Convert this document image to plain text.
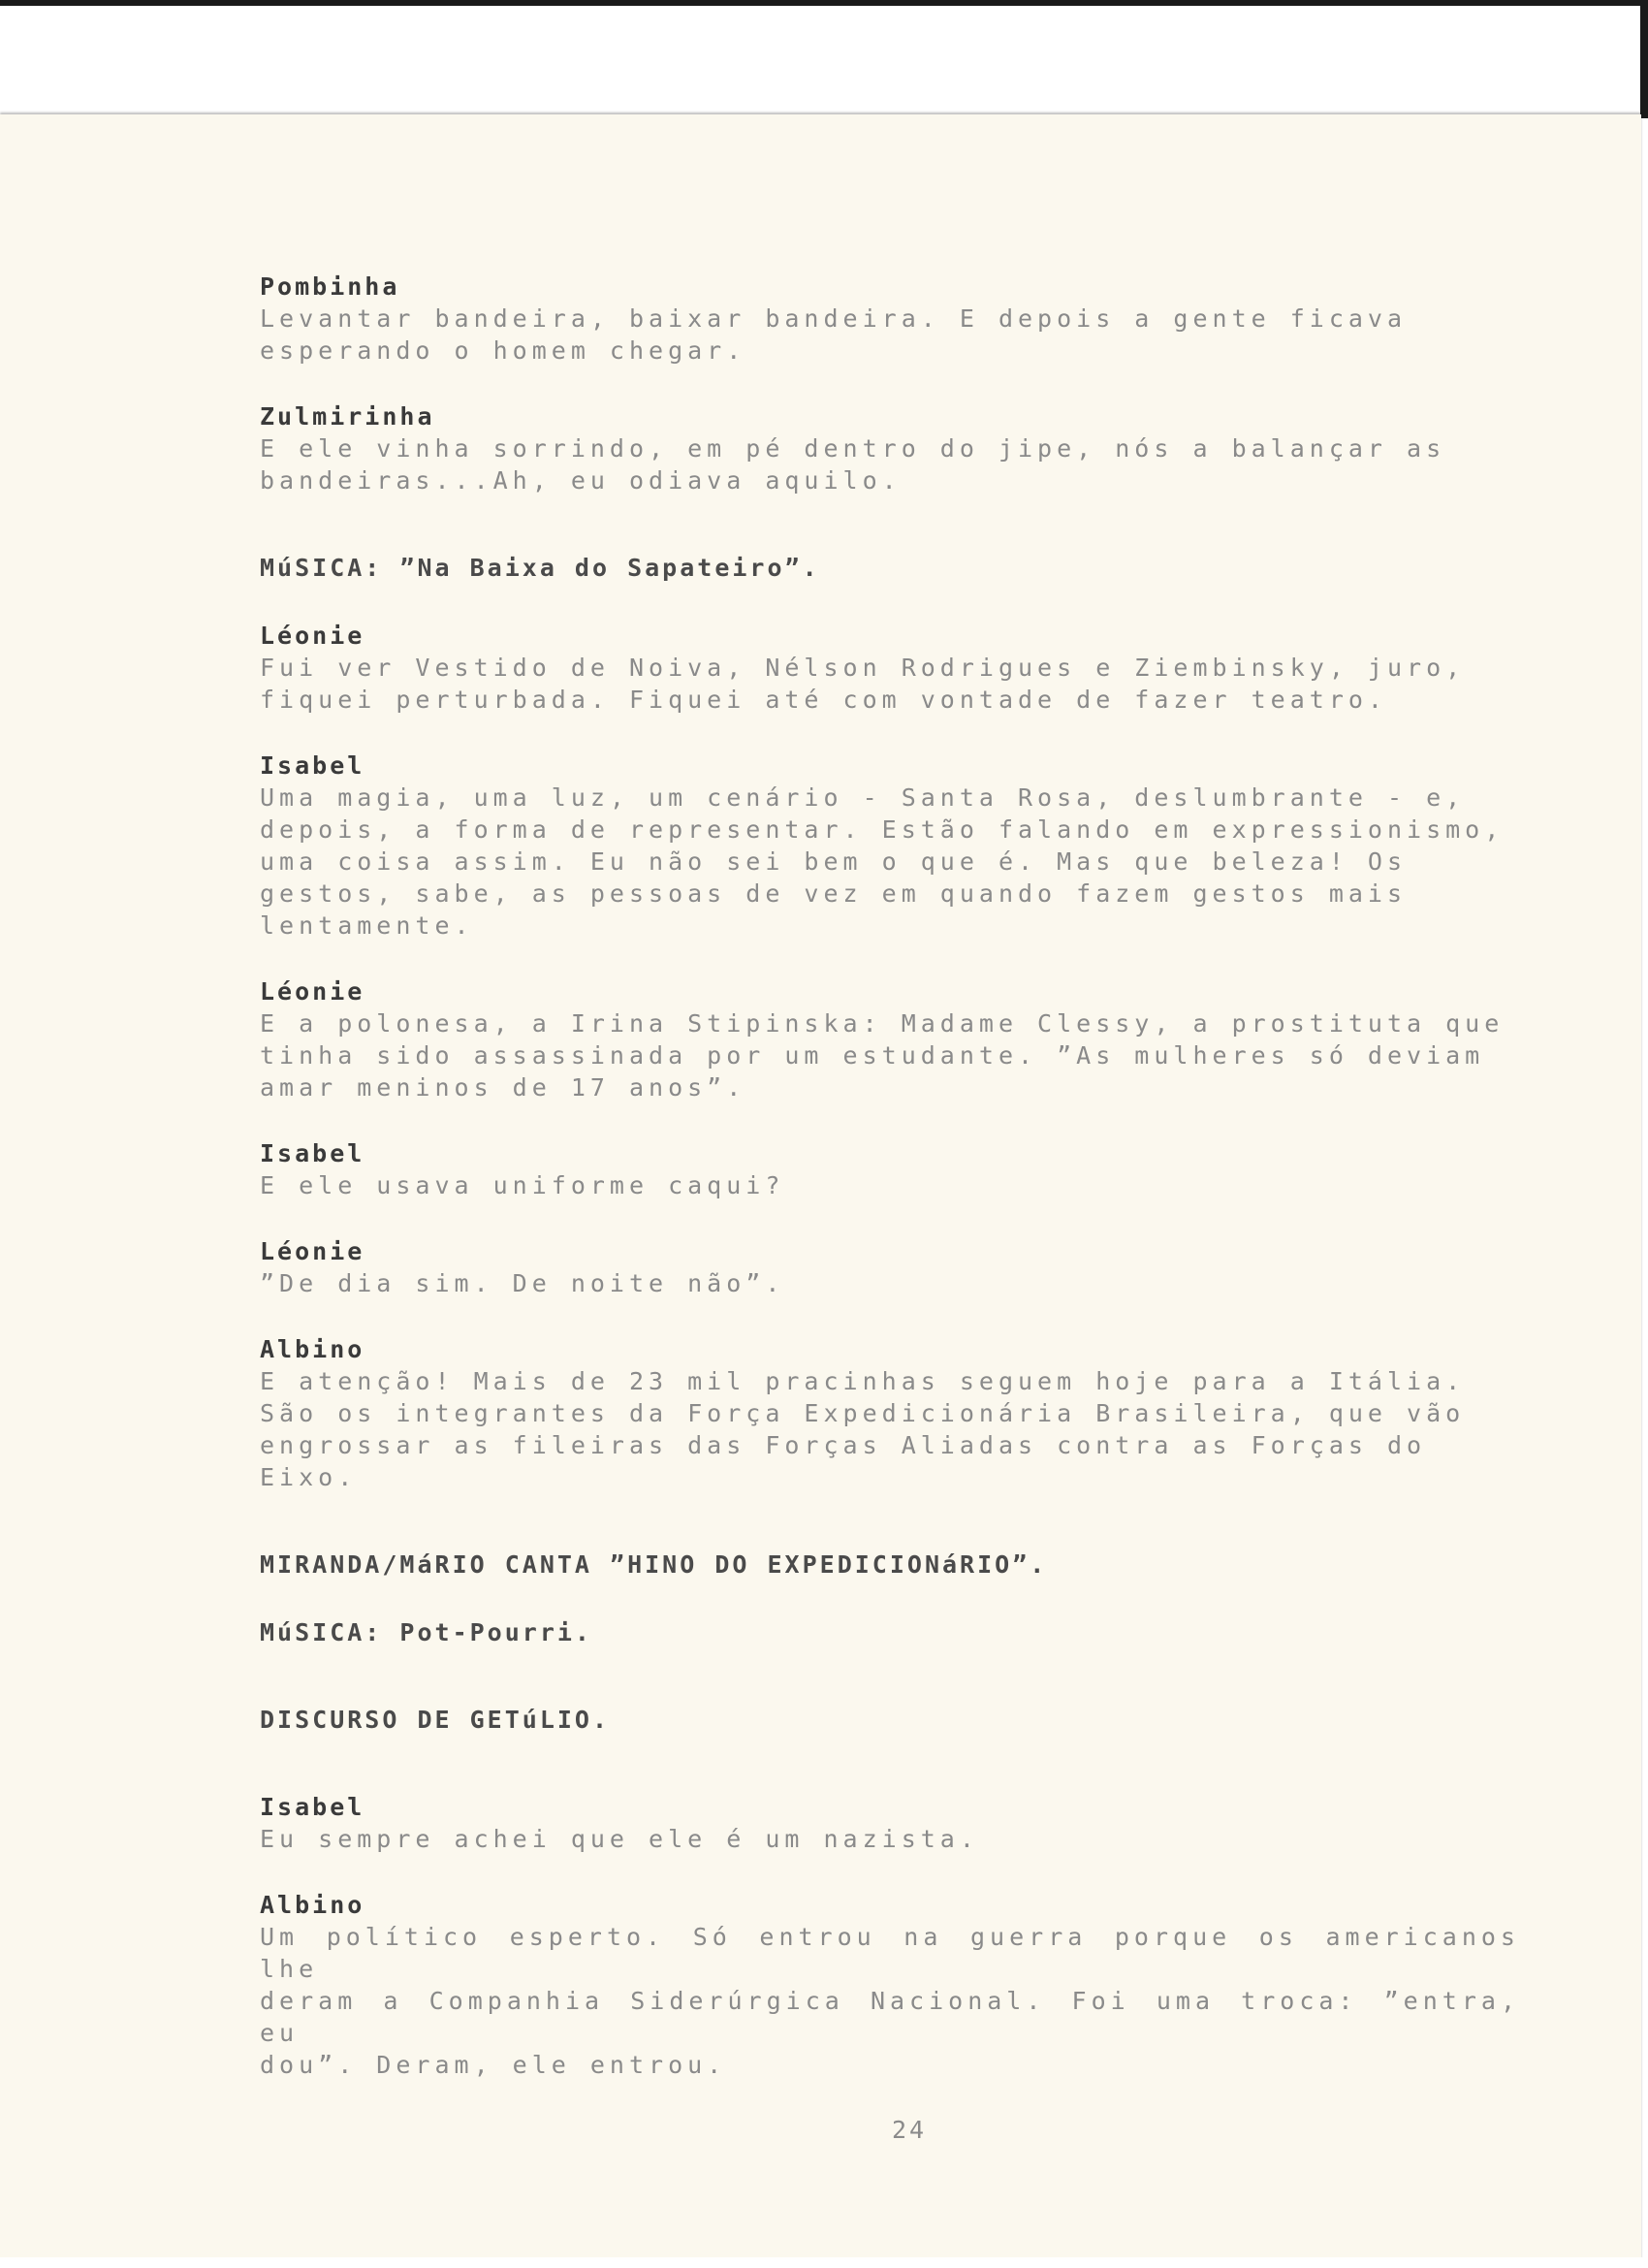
Pombinha
Levantar bandeira, baixar bandeira. E depois a gente ficava
esperando o homem chegar.
Zulmirinha
E ele vinha sorrindo, em pé dentro do jipe, nós a balançar as
bandeiras...Ah, eu odiava aquilo.
MúSICA: ”Na Baixa do Sapateiro”.
Léonie
Fui ver Vestido de Noiva, Nélson Rodrigues e Ziembinsky, juro,
fiquei perturbada. Fiquei até com vontade de fazer teatro.
Isabel
Uma magia, uma luz, um cenário - Santa Rosa, deslumbrante - e,
depois, a forma de representar. Estão falando em expressionismo,
uma coisa assim. Eu não sei bem o que é. Mas que beleza! Os
gestos, sabe, as pessoas de vez em quando fazem gestos mais
lentamente.
Léonie
E a polonesa, a Irina Stipinska: Madame Clessy, a prostituta que
tinha sido assassinada por um estudante. ”As mulheres só deviam
amar meninos de 17 anos”.
Isabel
E ele usava uniforme caqui?
Léonie
”De dia sim. De noite não”.
Albino
E atenção! Mais de 23 mil pracinhas seguem hoje para a Itália.
São os integrantes da Força Expedicionária Brasileira, que vão
engrossar as fileiras das Forças Aliadas contra as Forças do
Eixo.
MIRANDA/MáRIO CANTA ”HINO DO EXPEDICIONáRIO”.
MúSICA: Pot-Pourri.
DISCURSO DE GETúLIO.
Isabel
Eu sempre achei que ele é um nazista.
Albino
Um político esperto. Só entrou na guerra porque os americanos lhe
deram a Companhia Siderúrgica Nacional. Foi uma troca: ”entra, eu
dou”. Deram, ele entrou.
24
